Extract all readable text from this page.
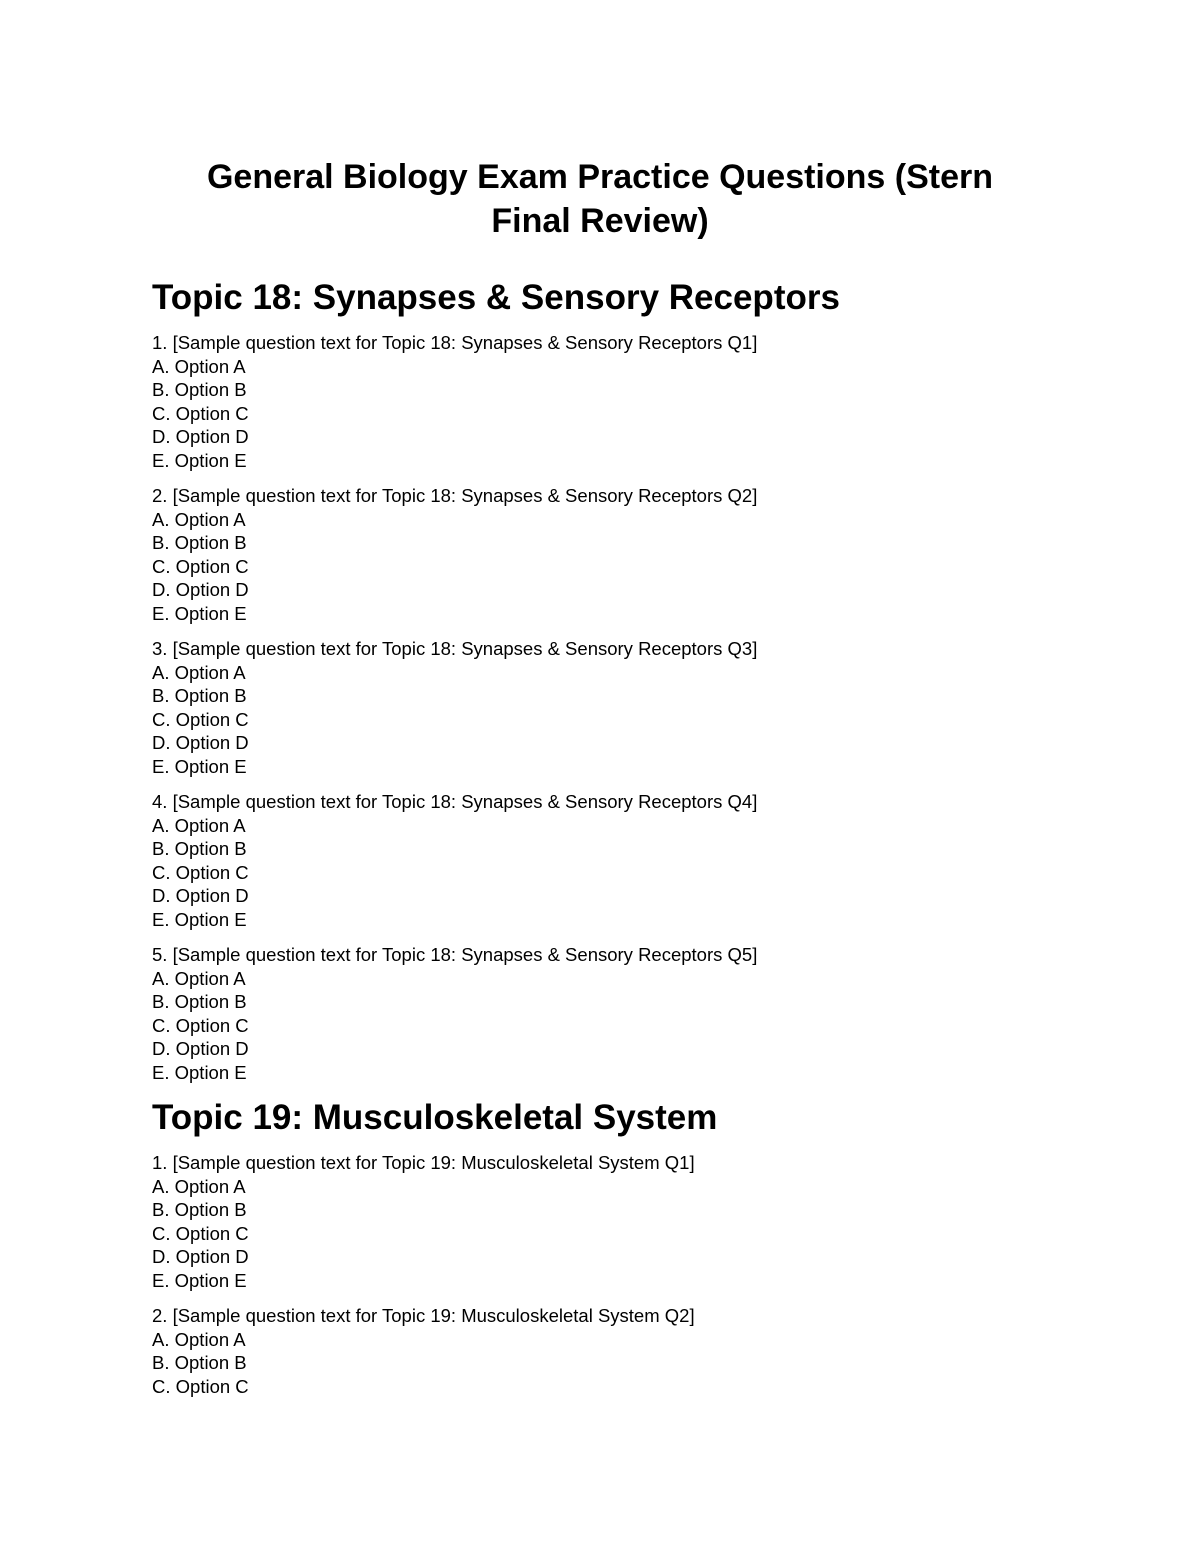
General Biology Exam Practice Questions (Stern
Final Review)
Topic 18: Synapses & Sensory Receptors
1. [Sample question text for Topic 18: Synapses & Sensory Receptors Q1]
A. Option A
B. Option B
C. Option C
D. Option D
E. Option E
2. [Sample question text for Topic 18: Synapses & Sensory Receptors Q2]
A. Option A
B. Option B
C. Option C
D. Option D
E. Option E
3. [Sample question text for Topic 18: Synapses & Sensory Receptors Q3]
A. Option A
B. Option B
C. Option C
D. Option D
E. Option E
4. [Sample question text for Topic 18: Synapses & Sensory Receptors Q4]
A. Option A
B. Option B
C. Option C
D. Option D
E. Option E
5. [Sample question text for Topic 18: Synapses & Sensory Receptors Q5]
A. Option A
B. Option B
C. Option C
D. Option D
E. Option E
Topic 19: Musculoskeletal System
1. [Sample question text for Topic 19: Musculoskeletal System Q1]
A. Option A
B. Option B
C. Option C
D. Option D
E. Option E
2. [Sample question text for Topic 19: Musculoskeletal System Q2]
A. Option A
B. Option B
C. Option C
